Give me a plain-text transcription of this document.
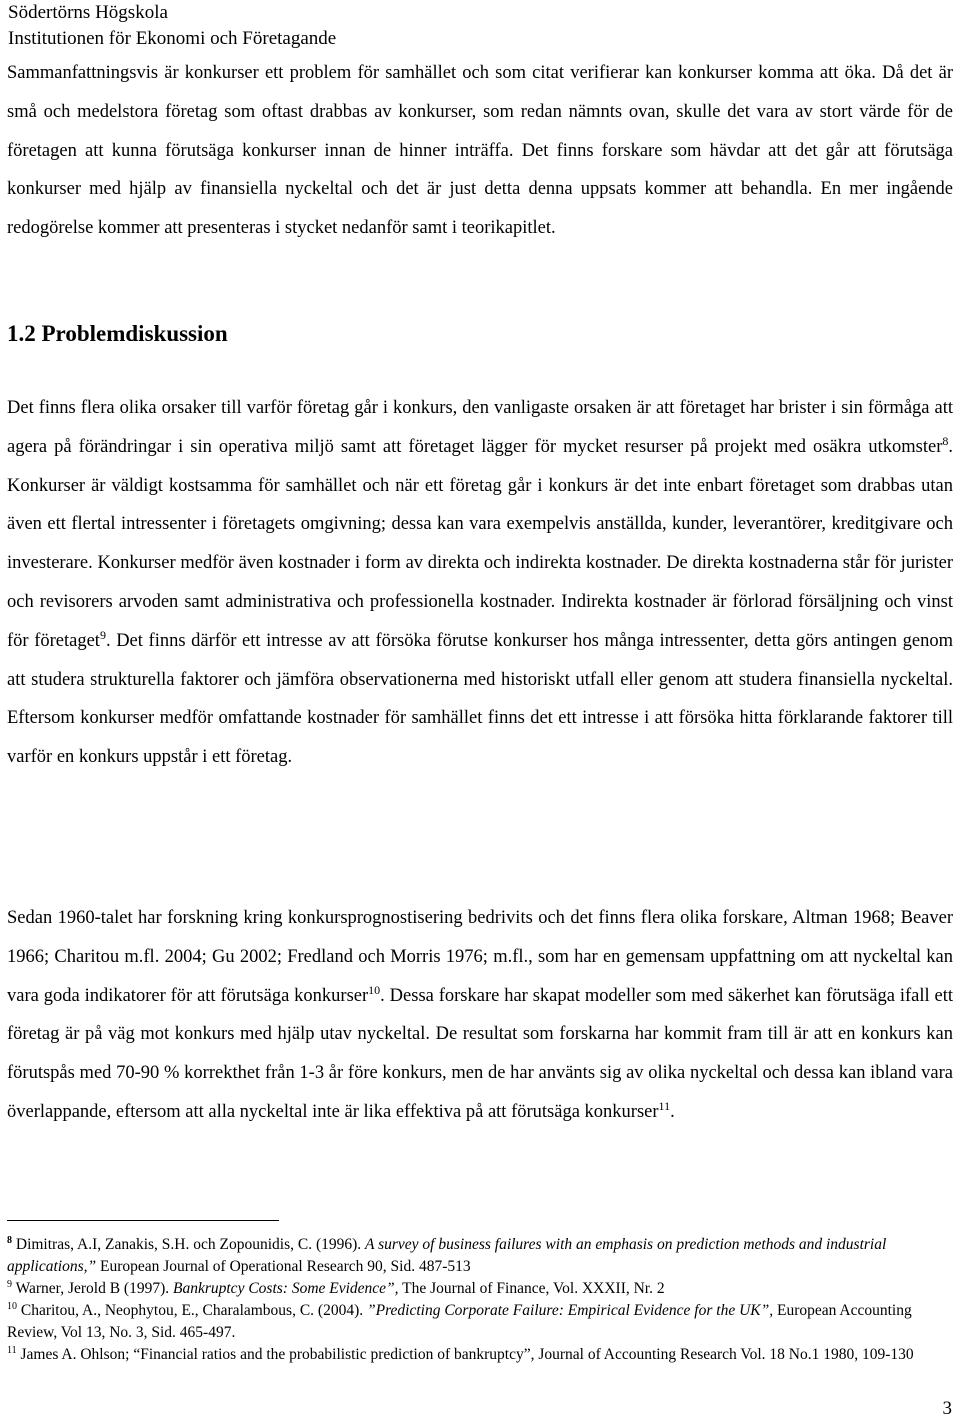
Södertörns Högskola
Institutionen för Ekonomi och Företagande

Sammanfattningsvis är konkurser ett problem för samhället och som citat verifierar kan konkurser komma att öka. Då det är små och medelstora företag som oftast drabbas av konkurser, som redan nämnts ovan, skulle det vara av stort värde för de företagen att kunna förutsäga konkurser innan de hinner inträffa. Det finns forskare som hävdar att det går att förutsäga konkurser med hjälp av finansiella nyckeltal och det är just detta denna uppsats kommer att behandla. En mer ingående redogörelse kommer att presenteras i stycket nedanför samt i teorikapitlet.

1.2 Problemdiskussion

Det finns flera olika orsaker till varför företag går i konkurs, den vanligaste orsaken är att företaget har brister i sin förmåga att agera på förändringar i sin operativa miljö samt att företaget lägger för mycket resurser på projekt med osäkra utkomster$^8$. Konkurser är väldigt kostsamma för samhället och när ett företag går i konkurs är det inte enbart företaget som drabbas utan även ett flertal intressenter i företagets omgivning; dessa kan vara exempelvis anställda, kunder, leverantörer, kreditgivare och investerare. Konkurser medför även kostnader i form av direkta och indirekta kostnader. De direkta kostnaderna står för jurister och revisorers arvoden samt administrativa och professionella kostnader. Indirekta kostnader är förlorad försäljning och vinst för företaget$^9$. Det finns därför ett intresse av att försöka förutse konkurser hos många intressenter, detta görs antingen genom att studera strukturella faktorer och jämföra observationerna med historiskt utfall eller genom att studera finansiella nyckeltal. Eftersom konkurser medför omfattande kostnader för samhället finns det ett intresse i att försöka hitta förklarande faktorer till varför en konkurs uppstår i ett företag.

Sedan 1960-talet har forskning kring konkursprognostisering bedrivits och det finns flera olika forskare, Altman 1968; Beaver 1966; Charitou m.fl. 2004; Gu 2002; Fredland och Morris 1976; m.fl., som har en gemensam uppfattning om att nyckeltal kan vara goda indikatorer för att förutsäga konkurser$^{10}$. Dessa forskare har skapat modeller som med säkerhet kan förutsäga ifall ett företag är på väg mot konkurs med hjälp utav nyckeltal. De resultat som forskarna har kommit fram till är att en konkurs kan förutspås med 70-90 % korrekthet från 1-3 år före konkurs, men de har använts sig av olika nyckeltal och dessa kan ibland vara överlappande, eftersom att alla nyckeltal inte är lika effektiva på att förutsäga konkurser$^{11}$.

$^8$ Dimitras, A.I, Zanakis, S.H. och Zopounidis, C. (1996). A survey of business failures with an emphasis on prediction methods and industrial applications,” European Journal of Operational Research 90, Sid. 487-513
$^9$ Warner, Jerold B (1997). Bankruptcy Costs: Some Evidence”, The Journal of Finance, Vol. XXXII, Nr. 2
$^{10}$ Charitou, A., Neophytou, E., Charalambous, C. (2004). ”Predicting Corporate Failure: Empirical Evidence for the UK”, European Accounting Review, Vol 13, No. 3, Sid. 465-497.
$^{11}$ James A. Ohlson; “Financial ratios and the probabilistic prediction of bankruptcy”, Journal of Accounting Research Vol. 18 No.1 1980, 109-130
3
